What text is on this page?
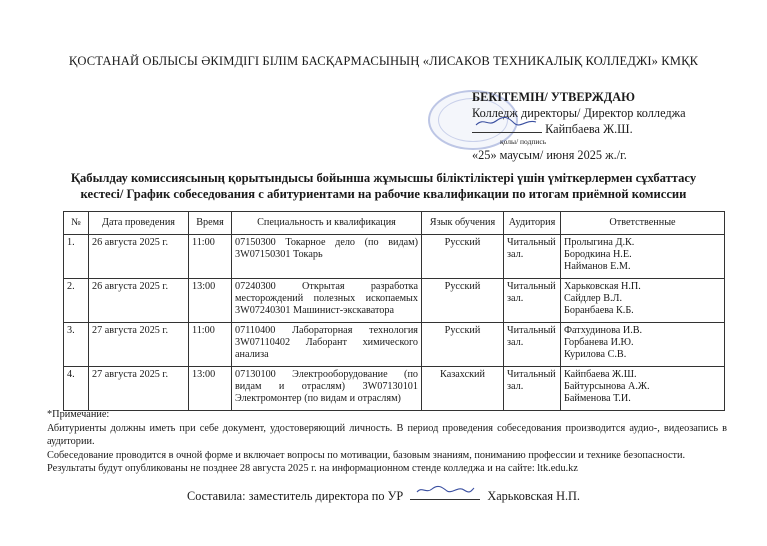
ҚОСТАНАЙ ОБЛЫСЫ ӘКІМДІГІ БІЛІМ БАСҚАРМАСЫНЫҢ «ЛИСАКОВ ТЕХНИКАЛЫҚ КОЛЛЕДЖІ» КМҚК
БЕКІТЕМІН/ УТВЕРЖДАЮ
Колледж директоры/ Директор колледжа
Кайпбаева Ж.Ш.
қолы/ подпись
«25» маусым/ июня 2025 ж./г.
Қабылдау комиссиясының қорытындысы бойынша жұмысшы біліктіліктері үшін үміткерлермен сұхбаттасу
кестесі/ График собеседования с абитуриентами на рабочие квалификации по итогам приёмной комиссии
№	Дата проведения	Время	Специальность и квалификация	Язык обучения	Аудитория	Ответственные
1.	26 августа 2025 г.	11:00	07150300 Токарное дело (по видам) 3W07150301 Токарь	Русский	Читальный зал.	Пролыгина Д.К.
Бородкина Н.Е.
Найманов Е.М.

2.	26 августа 2025 г.	13:00	07240300 Открытая разработка месторождений полезных ископаемых 3W07240301 Машинист-экскаватора	Русский	Читальный зал.	Харьковская Н.П.
Сайдлер В.Л.
Боранбаева К.Б.

3.	27 августа 2025 г.	11:00	07110400 Лабораторная технология 3W07110402 Лаборант химического анализа	Русский	Читальный зал.	Фатхудинова И.В.
Горбанева И.Ю.
Курилова С.В.

4.	27 августа 2025 г.	13:00	07130100 Электрооборудование (по видам и отраслям) 3W07130101 Электромонтер (по видам и отраслям)	Казахский	Читальный зал.	Кайпбаева Ж.Ш.
Байтурсынова А.Ж.
Байменова Т.И.
*Примечание:
Абитуриенты должны иметь при себе документ, удостоверяющий личность. В период проведения собеседования производится аудио-, видеозапись в аудитории.
Собеседование проводится в очной форме и включает вопросы по мотивации, базовым знаниям, пониманию профессии и технике безопасности.
Результаты будут опубликованы не позднее 28 августа 2025 г. на информационном стенде колледжа и на сайте: ltk.edu.kz
Составила: заместитель директора по УР	Харьковская Н.П.
